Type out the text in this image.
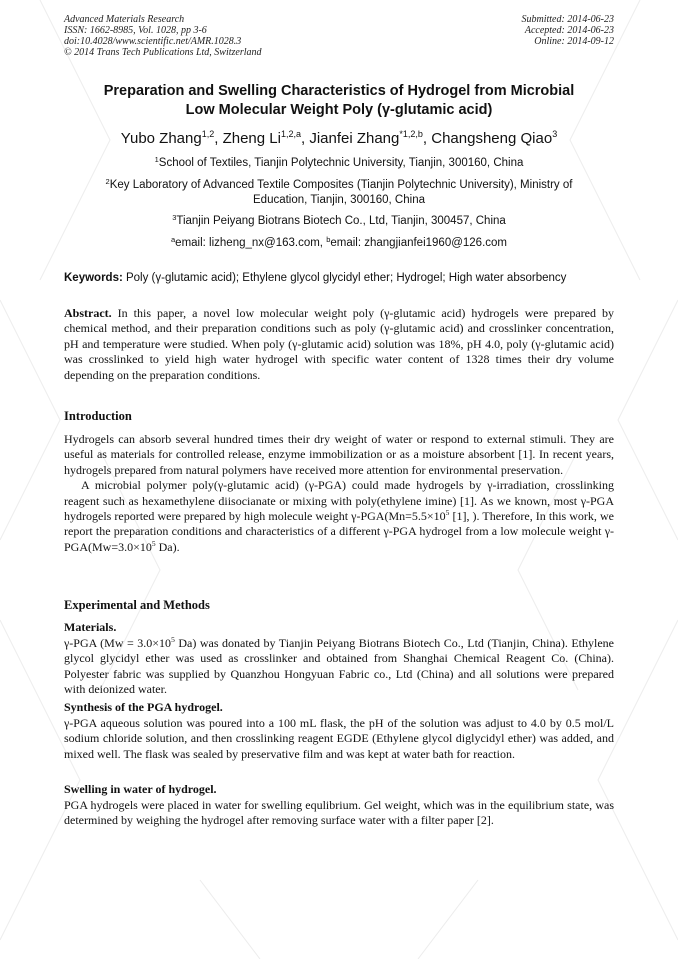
Advanced Materials Research
ISSN: 1662-8985, Vol. 1028, pp 3-6
doi:10.4028/www.scientific.net/AMR.1028.3
© 2014 Trans Tech Publications Ltd, Switzerland
Submitted: 2014-06-23
Accepted: 2014-06-23
Online: 2014-09-12
Preparation and Swelling Characteristics of Hydrogel from Microbial
Low Molecular Weight Poly (γ-glutamic acid)
Yubo Zhang$^{1,2}$, Zheng Li$^{1,2,a}$, Jianfei Zhang$^{*1,2,b}$, Changsheng Qiao$^3$
$^1$School of Textiles, Tianjin Polytechnic University, Tianjin, 300160, China
$^2$Key Laboratory of Advanced Textile Composites (Tianjin Polytechnic University), Ministry of
Education, Tianjin, 300160, China
$^3$Tianjin Peiyang Biotrans Biotech Co., Ltd, Tianjin, 300457, China
$^a$email: lizheng_nx@163.com, $^b$email: zhangjianfei1960@126.com
Keywords: Poly (γ-glutamic acid); Ethylene glycol glycidyl ether; Hydrogel; High water absorbency

Abstract. In this paper, a novel low molecular weight poly (γ-glutamic acid) hydrogels were prepared by chemical method, and their preparation conditions such as poly (γ-glutamic acid) and crosslinker concentration, pH and temperature were studied. When poly (γ-glutamic acid) solution was 18%, pH 4.0, poly (γ-glutamic acid) was crosslinked to yield high water hydrogel with specific water content of 1328 times their dry volume depending on the preparation conditions.

Introduction

Hydrogels can absorb several hundred times their dry weight of water or respond to external stimuli. They are useful as materials for controlled release, enzyme immobilization or as a moisture absorbent [1]. In recent years, hydrogels prepared from natural polymers have received more attention for environmental preservation.

A microbial polymer poly(γ-glutamic acid) (γ-PGA) could made hydrogels by γ-irradiation, crosslinking reagent such as hexamethylene diisocianate or mixing with poly(ethylene imine) [1]. As we known, most γ-PGA hydrogels reported were prepared by high molecule weight $\gamma-PGA(Mn=5.5\times 10^5$ [1], ). Therefore, In this work, we report the preparation conditions and characteristics of a different γ-PGA hydrogel from a low molecule weight $\gamma-PGA(Mw=3.0\times 10^5$ Da).

Experimental and Methods
Materials.

γ-PGA ($Mw = 3.0\times 10^5$ Da) was donated by Tianjin Peiyang Biotrans Biotech Co., Ltd (Tianjin, China). Ethylene glycol glycidyl ether was used as crosslinker and obtained from Shanghai Chemical Reagent Co. (China). Polyester fabric was supplied by Quanzhou Hongyuan Fabric co., Ltd (China) and all solutions were prepared with deionized water.

Synthesis of the PGA hydrogel.

γ-PGA aqueous solution was poured into a 100 mL flask, the pH of the solution was adjust to 4.0 by 0.5 mol/L sodium chloride solution, and then crosslinking reagent EGDE (Ethylene glycol diglycidyl ether) was added, and mixed well. The flask was sealed by preservative film and was kept at water bath for reaction.

Swelling in water of hydrogel.

PGA hydrogels were placed in water for swelling equlibrium. Gel weight, which was in the equilibrium state, was determined by weighing the hydrogel after removing surface water with a filter paper [2].
